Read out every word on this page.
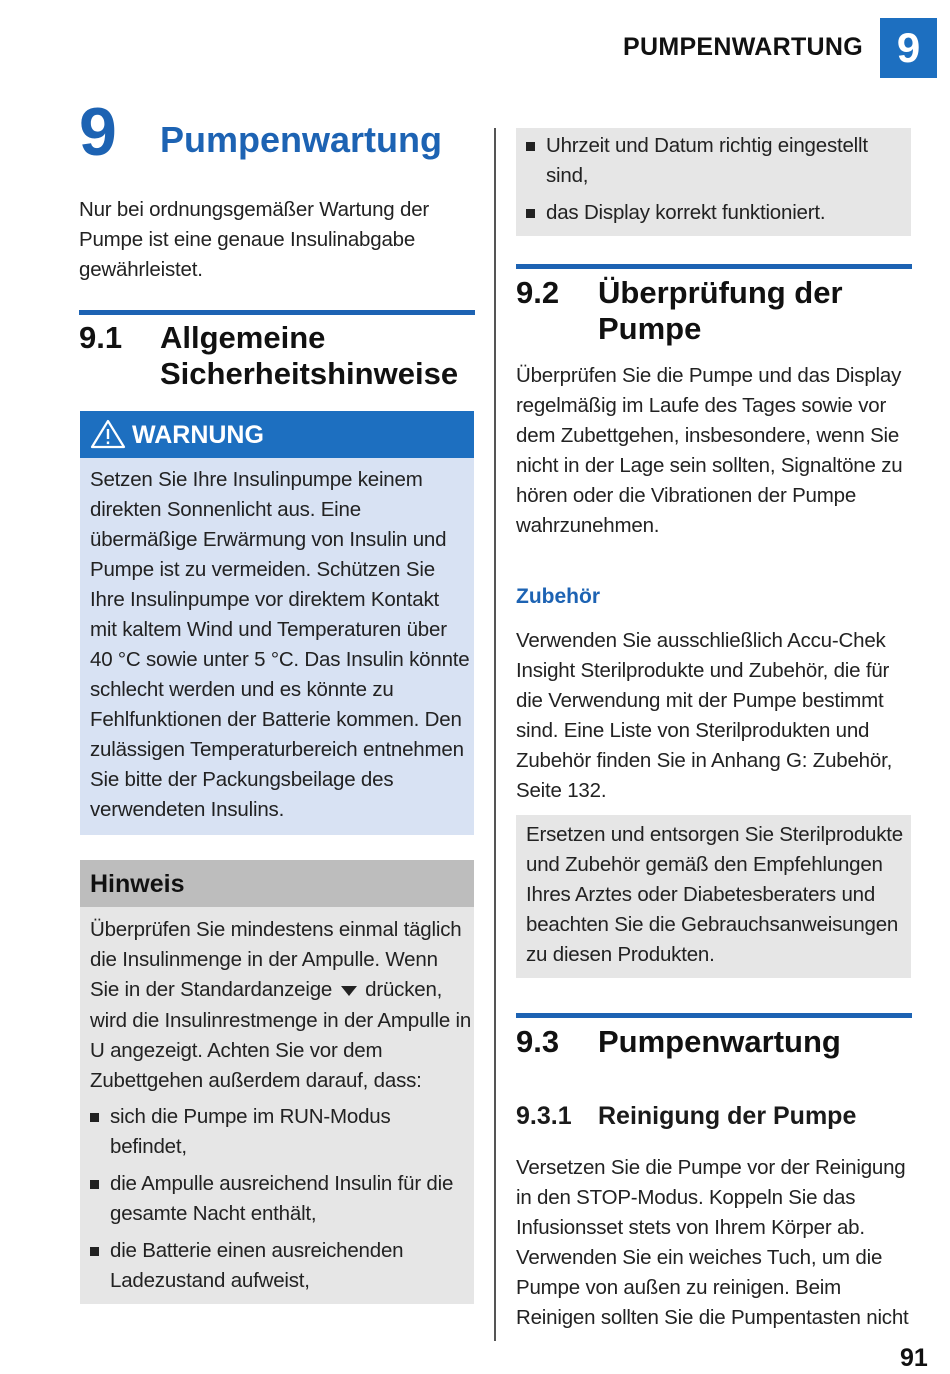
PUMPENWARTUNG 9
9 Pumpenwartung
Nur bei ordnungsgemäßer Wartung der Pumpe ist eine genaue Insulinabgabe gewährleistet.
9.1 Allgemeine Sicherheitshinweise
WARNUNG
Setzen Sie Ihre Insulinpumpe keinem direkten Sonnenlicht aus. Eine übermäßige Erwärmung von Insulin und Pumpe ist zu vermeiden. Schützen Sie Ihre Insulinpumpe vor direktem Kontakt mit kaltem Wind und Temperaturen über 40 °C sowie unter 5 °C. Das Insulin könnte schlecht werden und es könnte zu Fehlfunktionen der Batterie kommen. Den zulässigen Temperaturbereich entnehmen Sie bitte der Packungsbeilage des verwendeten Insulins.
Hinweis
Überprüfen Sie mindestens einmal täglich die Insulinmenge in der Ampulle. Wenn Sie in der Standardanzeige drücken, wird die Insulinrestmenge in der Ampulle in U angezeigt. Achten Sie vor dem Zubettgehen außerdem darauf, dass:
sich die Pumpe im RUN-Modus befindet,
die Ampulle ausreichend Insulin für die gesamte Nacht enthält,
die Batterie einen ausreichenden Ladezustand aufweist,
Uhrzeit und Datum richtig eingestellt sind,
das Display korrekt funktioniert.
9.2 Überprüfung der Pumpe
Überprüfen Sie die Pumpe und das Display regelmäßig im Laufe des Tages sowie vor dem Zubettgehen, insbesondere, wenn Sie nicht in der Lage sein sollten, Signaltöne zu hören oder die Vibrationen der Pumpe wahrzunehmen.
Zubehör
Verwenden Sie ausschließlich Accu-Chek Insight Sterilprodukte und Zubehör, die für die Verwendung mit der Pumpe bestimmt sind. Eine Liste von Sterilprodukten und Zubehör finden Sie in Anhang G: Zubehör, Seite 132.
Ersetzen und entsorgen Sie Sterilprodukte und Zubehör gemäß den Empfehlungen Ihres Arztes oder Diabetesberaters und beachten Sie die Gebrauchsanweisungen zu diesen Produkten.
9.3 Pumpenwartung
9.3.1 Reinigung der Pumpe
Versetzen Sie die Pumpe vor der Reinigung in den STOP-Modus. Koppeln Sie das Infusionsset stets von Ihrem Körper ab. Verwenden Sie ein weiches Tuch, um die Pumpe von außen zu reinigen. Beim Reinigen sollten Sie die Pumpentasten nicht
91
